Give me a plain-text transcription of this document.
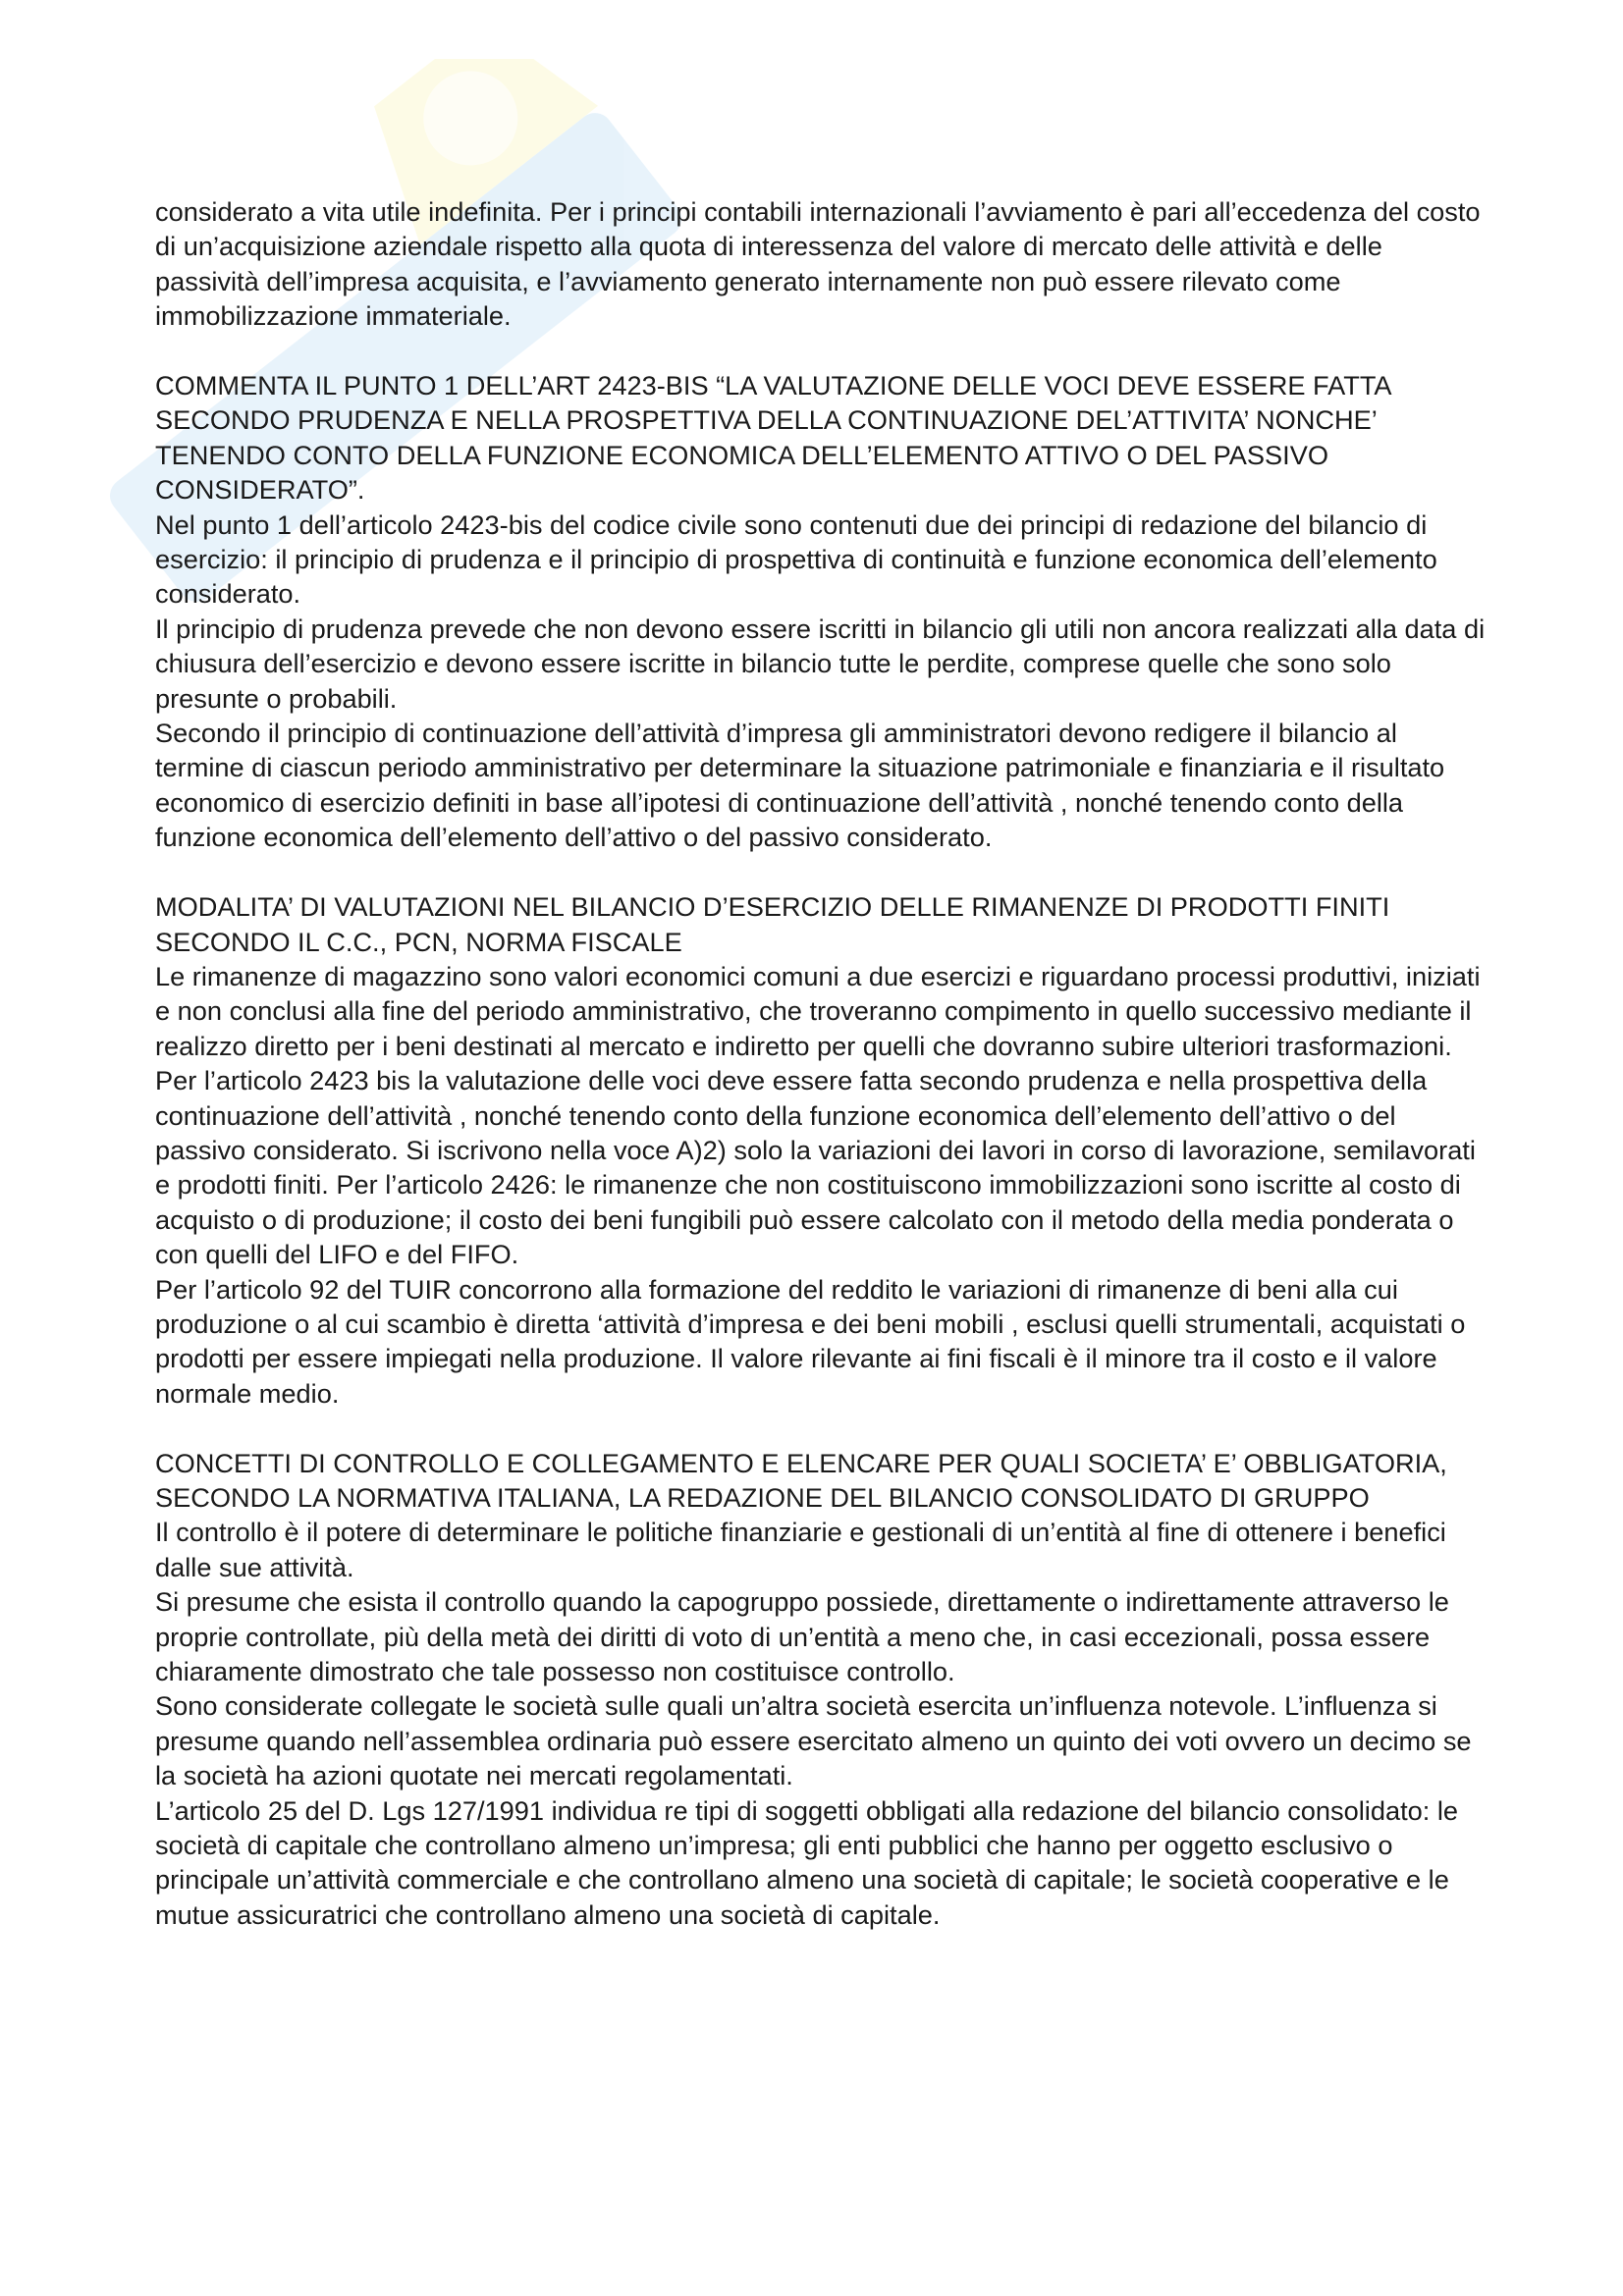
considerato a vita utile indefinita. Per i principi contabili internazionali l’avviamento è pari all’eccedenza del costo di un’acquisizione aziendale rispetto alla quota di interessenza del valore di mercato delle attività e delle passività dell’impresa acquisita, e l’avviamento generato internamente non può essere rilevato come immobilizzazione immateriale.

COMMENTA IL PUNTO 1 DELL’ART 2423-BIS “LA VALUTAZIONE DELLE VOCI DEVE ESSERE FATTA SECONDO PRUDENZA E NELLA PROSPETTIVA DELLA CONTINUAZIONE DEL’ATTIVITA’ NONCHE’ TENENDO CONTO DELLA FUNZIONE ECONOMICA DELL’ELEMENTO ATTIVO O DEL PASSIVO CONSIDERATO”.

Nel punto 1 dell’articolo 2423-bis del codice civile sono contenuti due dei principi di redazione del bilancio di esercizio: il principio di prudenza e il principio di prospettiva di continuità e funzione economica dell’elemento considerato.

Il principio di prudenza prevede che non devono essere iscritti in bilancio gli utili non ancora realizzati alla data di chiusura dell’esercizio e devono essere iscritte in bilancio tutte le perdite, comprese quelle che sono solo presunte o probabili.

Secondo il principio di continuazione dell’attività d’impresa gli amministratori devono redigere il bilancio al termine di ciascun periodo amministrativo per determinare la situazione patrimoniale e finanziaria e il risultato economico di esercizio definiti in base all’ipotesi di continuazione dell’attività , nonché tenendo conto della funzione economica dell’elemento dell’attivo o del passivo considerato.

MODALITA’ DI VALUTAZIONI NEL BILANCIO D’ESERCIZIO DELLE RIMANENZE DI PRODOTTI FINITI SECONDO IL C.C., PCN, NORMA FISCALE

Le rimanenze di magazzino sono valori economici comuni a due esercizi e riguardano processi produttivi, iniziati e non conclusi alla fine del periodo amministrativo, che troveranno compimento in quello successivo mediante il realizzo diretto per i beni destinati al mercato e indiretto per quelli che dovranno subire ulteriori trasformazioni.

Per l’articolo 2423 bis la valutazione delle voci deve essere fatta secondo prudenza e nella prospettiva della continuazione dell’attività , nonché tenendo conto della funzione economica dell’elemento dell’attivo o del passivo considerato. Si iscrivono nella voce A)2) solo la variazioni dei lavori in corso di lavorazione, semilavorati e prodotti finiti. Per l’articolo 2426: le rimanenze che non costituiscono immobilizzazioni sono iscritte al costo di acquisto o di produzione; il costo dei beni fungibili può essere calcolato con il metodo della media ponderata o con quelli del LIFO e del FIFO.

Per l’articolo 92 del TUIR concorrono alla formazione del reddito le variazioni di rimanenze di beni alla cui produzione o al cui scambio è diretta ‘attività d’impresa e dei beni mobili , esclusi quelli strumentali, acquistati o prodotti per essere impiegati nella produzione. Il valore rilevante ai fini fiscali è il minore tra il costo e il valore normale medio.

CONCETTI DI CONTROLLO E COLLEGAMENTO E ELENCARE PER QUALI SOCIETA’ E’ OBBLIGATORIA, SECONDO LA NORMATIVA ITALIANA, LA REDAZIONE DEL BILANCIO CONSOLIDATO DI GRUPPO

Il controllo è il potere di determinare le politiche finanziarie e gestionali di un’entità al fine di ottenere i benefici dalle sue attività.

Si presume che esista il controllo quando la capogruppo possiede, direttamente o indirettamente attraverso le proprie controllate, più della metà dei diritti di voto di un’entità a meno che, in casi eccezionali, possa essere chiaramente dimostrato che tale possesso non costituisce controllo.

Sono considerate collegate le società sulle quali un’altra società esercita un’influenza notevole. L’influenza si presume quando nell’assemblea ordinaria può essere esercitato almeno un quinto dei voti ovvero un decimo se la società ha azioni quotate nei mercati regolamentati.

L’articolo 25 del D. Lgs 127/1991 individua re tipi di soggetti obbligati alla redazione del bilancio consolidato: le società di capitale che controllano almeno un’impresa; gli enti pubblici che hanno per oggetto esclusivo o principale un’attività commerciale e che controllano almeno una società di capitale; le società cooperative e le mutue assicuratrici che controllano almeno una società di capitale.
